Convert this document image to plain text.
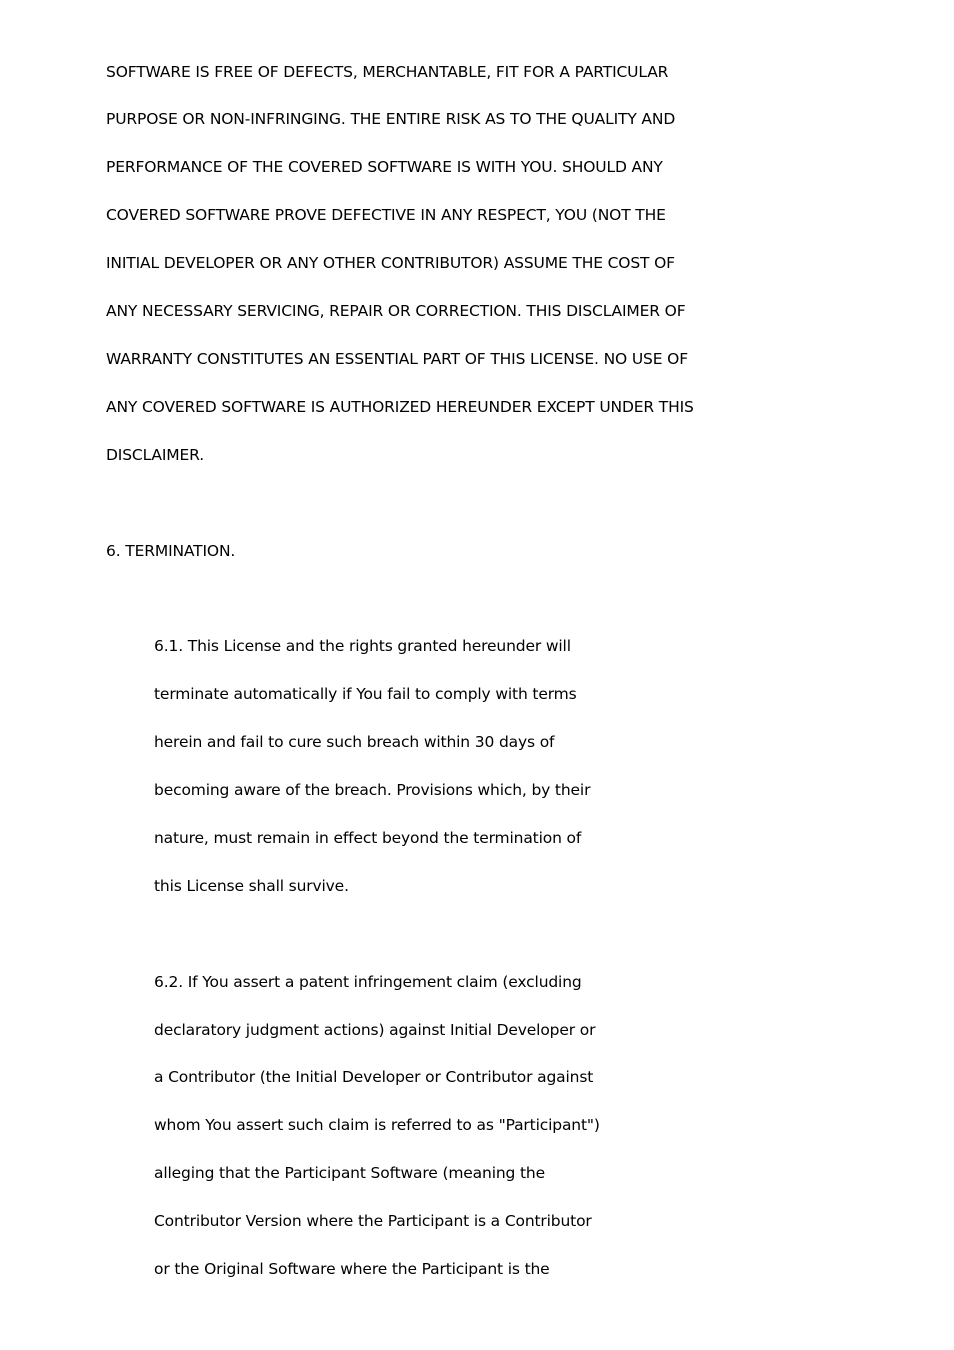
SOFTWARE IS FREE OF DEFECTS, MERCHANTABLE, FIT FOR A PARTICULAR
PURPOSE OR NON-INFRINGING. THE ENTIRE RISK AS TO THE QUALITY AND
PERFORMANCE OF THE COVERED SOFTWARE IS WITH YOU. SHOULD ANY
COVERED SOFTWARE PROVE DEFECTIVE IN ANY RESPECT, YOU (NOT THE
INITIAL DEVELOPER OR ANY OTHER CONTRIBUTOR) ASSUME THE COST OF
ANY NECESSARY SERVICING, REPAIR OR CORRECTION. THIS DISCLAIMER OF
WARRANTY CONSTITUTES AN ESSENTIAL PART OF THIS LICENSE. NO USE OF
ANY COVERED SOFTWARE IS AUTHORIZED HEREUNDER EXCEPT UNDER THIS
DISCLAIMER.
6. TERMINATION.
6.1. This License and the rights granted hereunder will
terminate automatically if You fail to comply with terms
herein and fail to cure such breach within 30 days of
becoming aware of the breach. Provisions which, by their
nature, must remain in effect beyond the termination of
this License shall survive.
6.2. If You assert a patent infringement claim (excluding
declaratory judgment actions) against Initial Developer or
a Contributor (the Initial Developer or Contributor against
whom You assert such claim is referred to as "Participant")
alleging that the Participant Software (meaning the
Contributor Version where the Participant is a Contributor
or the Original Software where the Participant is the
